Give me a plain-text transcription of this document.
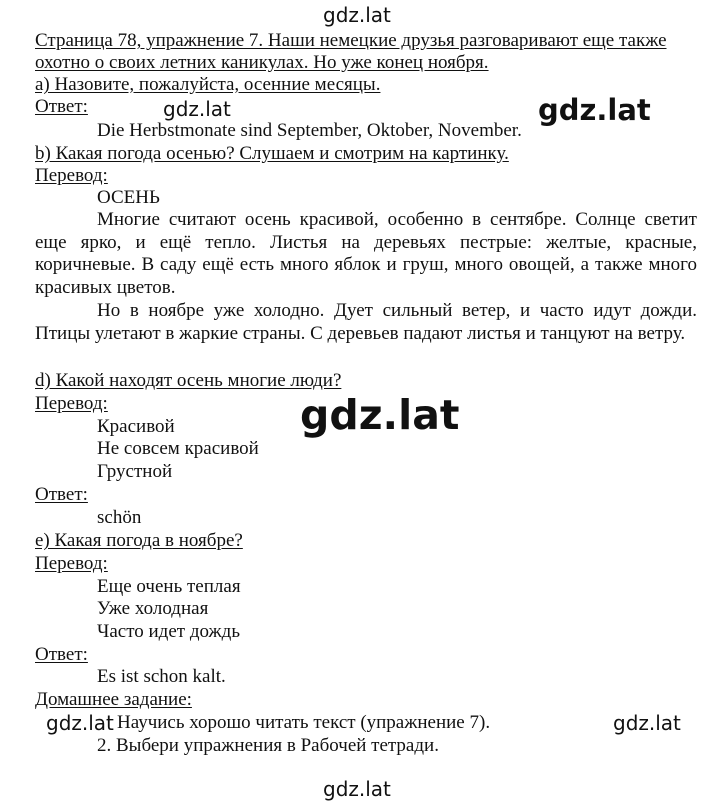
gdz.lat
Страница 78, упражнение 7. Наши немецкие друзья разговаривают еще также
охотно о своих летних каникулах. Но уже конец ноября.
а) Назовите, пожалуйста, осенние месяцы.
Ответ:	gdz.lat	gdz.lat
Die Herbstmonate sind September, Oktober, November.
b) Какая погода осенью? Слушаем и смотрим на картинку.
Перевод:
ОСЕНЬ
Многие считают осень красивой, особенно в сентябре. Солнце светит еще ярко, и ещё тепло. Листья на деревьях пестрые: желтые, красные, коричневые. В саду ещё есть много яблок и груш, много овощей, а также много красивых цветов.
Но в ноябре уже холодно. Дует сильный ветер, и часто идут дожди. Птицы улетают в жаркие страны. С деревьев падают листья и танцуют на ветру.
d) Какой находят осень многие люди?
Перевод:	gdz.lat
Красивой
Не совсем красивой
Грустной
Ответ:
schön
e) Какая погода в ноябре?
Перевод:
Еще очень теплая
Уже холодная
Часто идет дождь
Ответ:
Es ist schon kalt.
Домашнее задание:
gdz.lat Научись хорошо читать текст (упражнение 7).	gdz.lat
2. Выбери упражнения в Рабочей тетради.
gdz.lat
